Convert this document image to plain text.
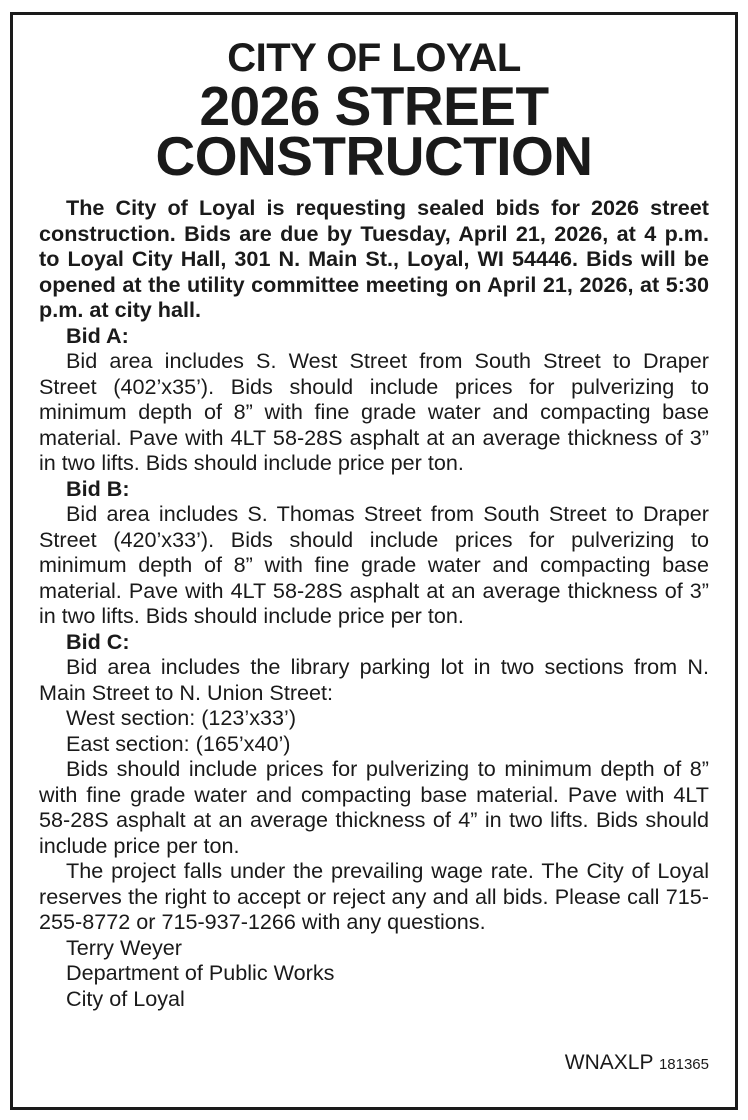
CITY OF LOYAL
2026 STREET
CONSTRUCTION

The City of Loyal is requesting sealed bids for 2026 street construction. Bids are due by Tuesday, April 21, 2026, at 4 p.m. to Loyal City Hall, 301 N. Main St., Loyal, WI 54446. Bids will be opened at the utility committee meeting on April 21, 2026, at 5:30 p.m. at city hall.

Bid A:

Bid area includes S. West Street from South Street to Draper Street (402’x35’). Bids should include prices for pulverizing to minimum depth of 8” with fine grade water and compacting base material. Pave with 4LT 58-28S asphalt at an average thickness of 3” in two lifts. Bids should include price per ton.

Bid B:

Bid area includes S. Thomas Street from South Street to Draper Street (420’x33’). Bids should include prices for pulverizing to minimum depth of 8” with fine grade water and compacting base material. Pave with 4LT 58-28S asphalt at an average thickness of 3” in two lifts. Bids should include price per ton.

Bid C:

Bid area includes the library parking lot in two sections from N. Main Street to N. Union Street:

West section: (123’x33’)

East section: (165’x40’)

Bids should include prices for pulverizing to minimum depth of 8” with fine grade water and compacting base material. Pave with 4LT 58-28S asphalt at an average thickness of 4” in two lifts. Bids should include price per ton.

The project falls under the prevailing wage rate. The City of Loyal reserves the right to accept or reject any and all bids. Please call 715-255-8772 or 715-937-1266 with any questions.

Terry Weyer

Department of Public Works

City of Loyal

WNAXLP 181365
